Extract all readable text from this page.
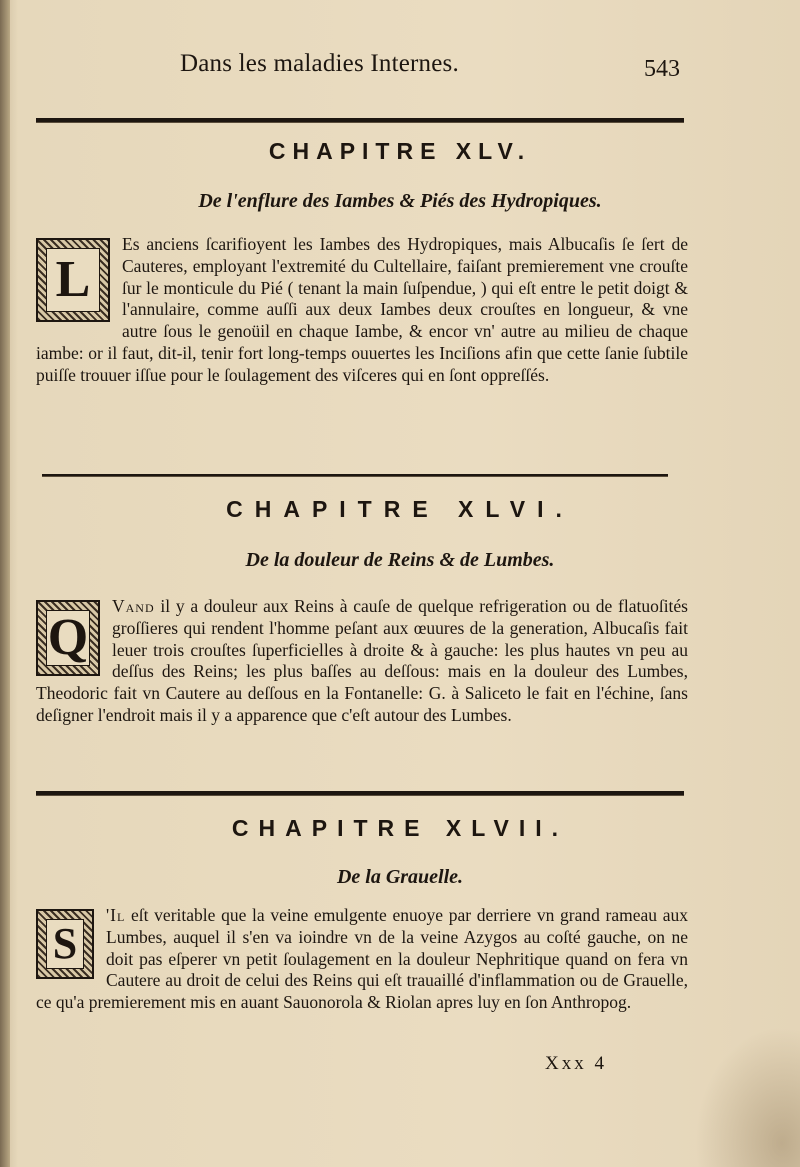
Dans les maladies Internes.	543
CHAPITRE XLV.
De l'enflure des Iambes & Piés des Hydropiques.
L
Es anciens ſcarifioyent les Iambes des Hydropiques, mais Albucaſis ſe ſert de Cauteres, employant l'extremité du Cultellaire, faiſant premierement vne crouſte ſur le monticule du Pié ( tenant la main ſuſpendue, ) qui eſt entre le petit doigt & l'annulaire, comme auſſi aux deux Iambes deux crouſtes en longueur, & vne autre ſous le genoüil en chaque Iambe, & encor vn' autre au milieu de chaque iambe: or il faut, dit-il, tenir fort long-temps ouuertes les Inciſions afin que cette ſanie ſubtile puiſſe trouuer iſſue pour le ſoulagement des viſceres qui en ſont oppreſſés.
CHAPITRE XLVI.
De la douleur de Reins & de Lumbes.
Q
Vand il y a douleur aux Reins à cauſe de quelque refrigeration ou de flatuoſités groſſieres qui rendent l'homme peſant aux œuures de la generation, Albucaſis fait leuer trois crouſtes ſuperficielles à droite & à gauche: les plus hautes vn peu au deſſus des Reins; les plus baſſes au deſſous: mais en la douleur des Lumbes, Theodoric fait vn Cautere au deſſous en la Fontanelle: G. à Saliceto le fait en l'échine, ſans deſigner l'endroit mais il y a apparence que c'eſt autour des Lumbes.
CHAPITRE XLVII.
De la Grauelle.
S
'Il eſt veritable que la veine emulgente enuoye par derriere vn grand rameau aux Lumbes, auquel il s'en va ioindre vn de la veine Azygos au coſté gauche, on ne doit pas eſperer vn petit ſoulagement en la douleur Nephritique quand on fera vn Cautere au droit de celui des Reins qui eſt trauaillé d'inflammation ou de Grauelle, ce qu'a premierement mis en auant Sauonorola & Riolan apres luy en ſon Anthropog.
Xxx 4
